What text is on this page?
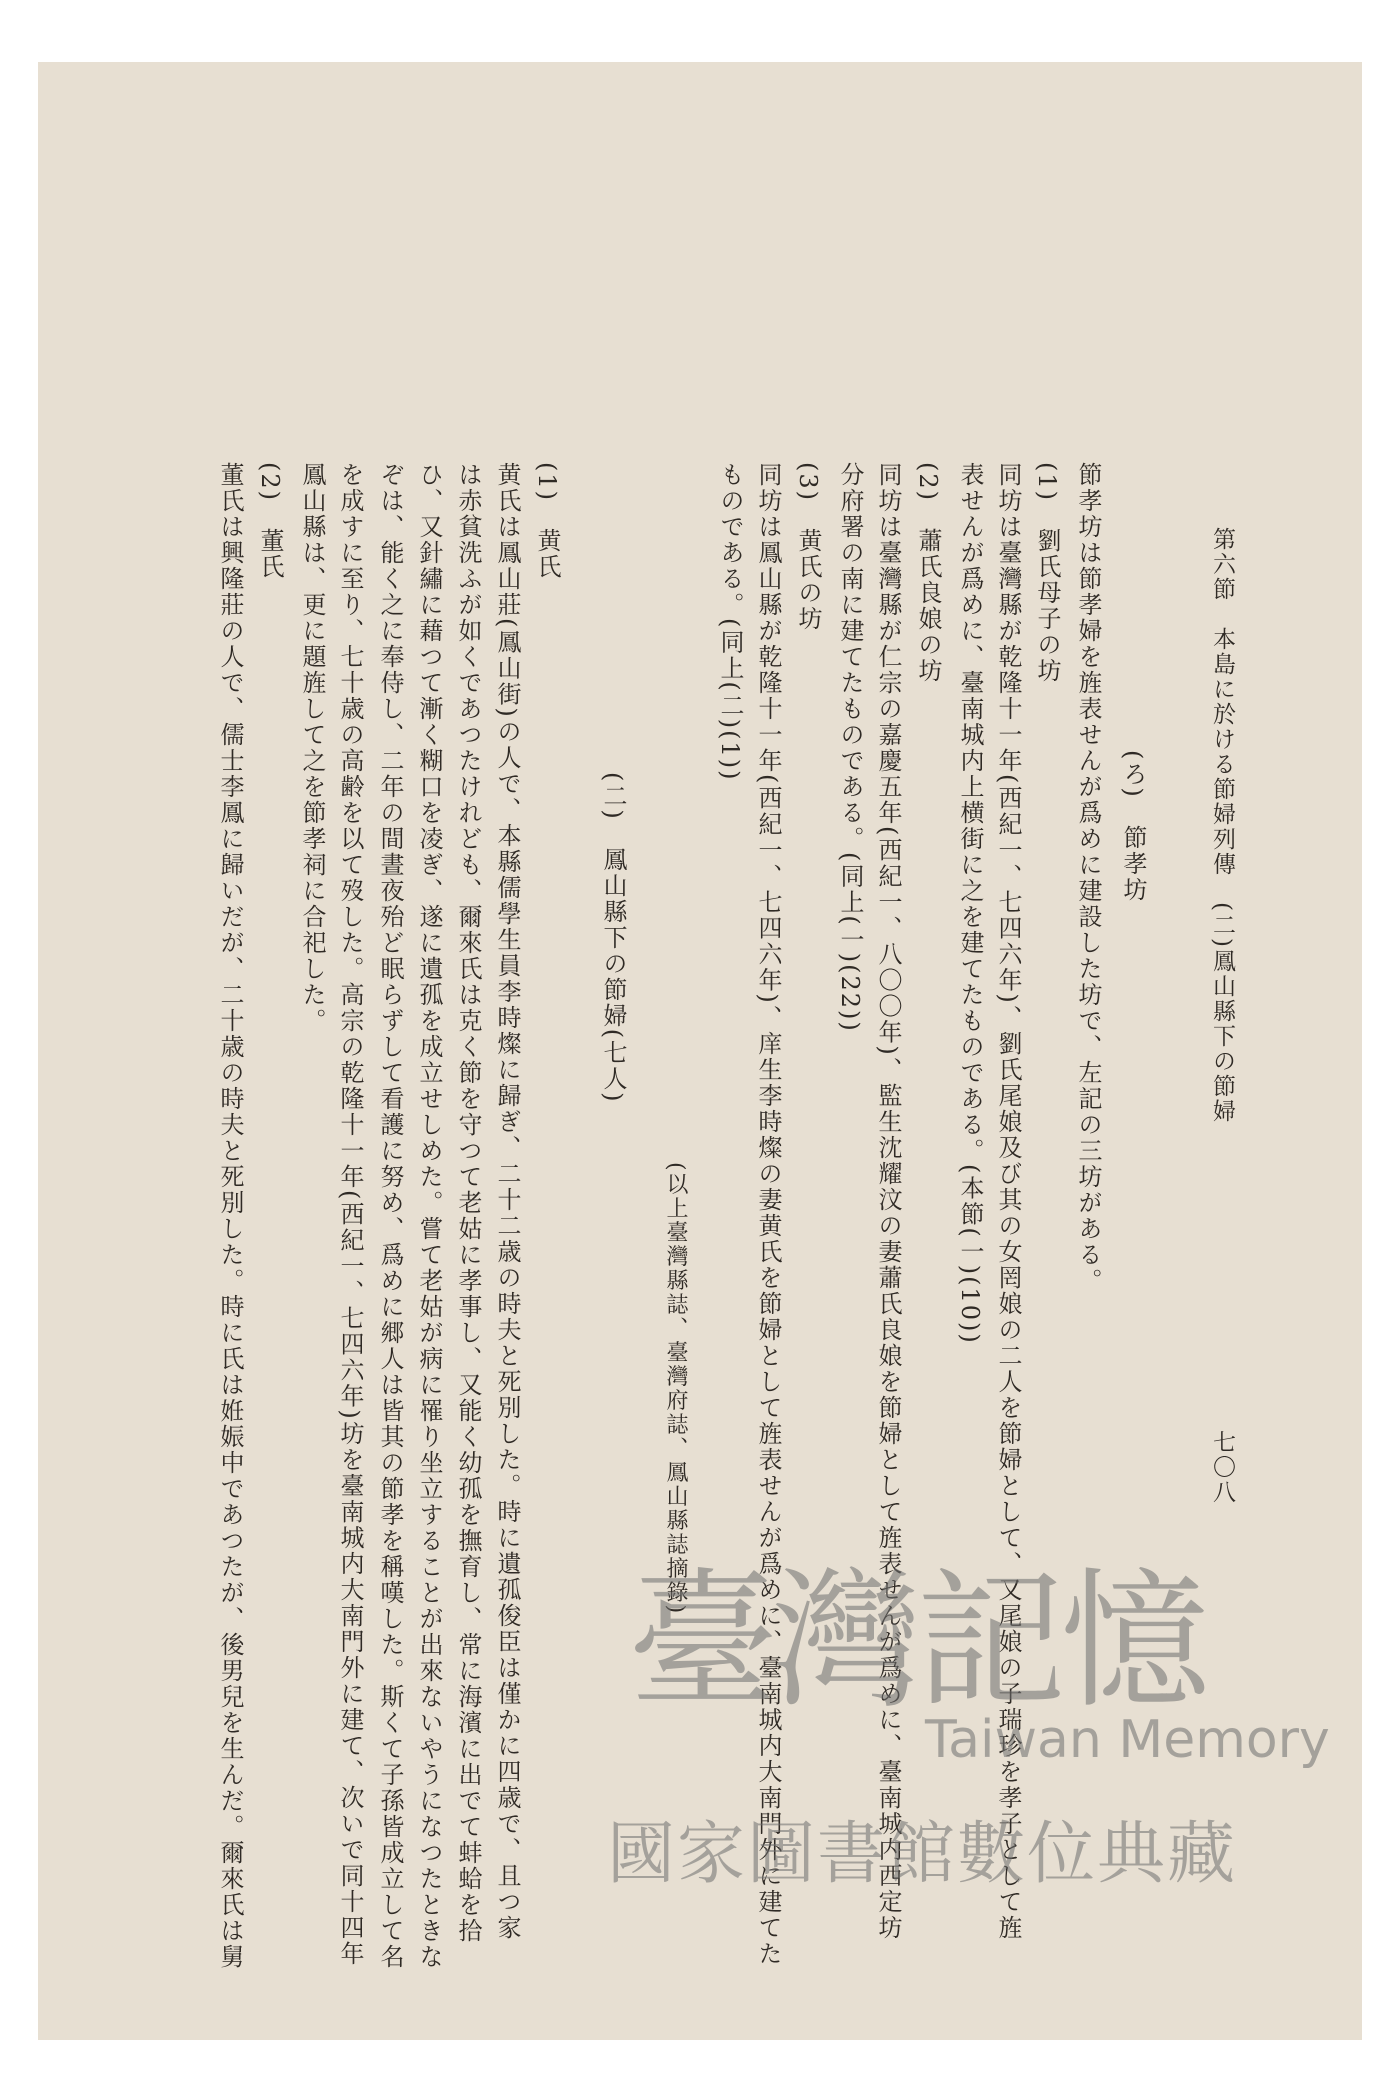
第六節　本島に於ける節婦列傳　(二)鳳山縣下の節婦
七〇八
(ろ)　節孝坊
節孝坊は節孝婦を旌表せんが爲めに建設した坊で、左記の三坊がある。
(1)　劉氏母子の坊
同坊は臺灣縣が乾隆十一年(西紀一、七四六年)、劉氏尾娘及び其の女罔娘の二人を節婦として、又尾娘の子瑞珍を孝子として旌
表せんが爲めに、臺南城内上横街に之を建てたものである。(本節(一)(10))
(2)　蕭氏良娘の坊
同坊は臺灣縣が仁宗の嘉慶五年(西紀一、八〇〇年)、監生沈耀汶の妻蕭氏良娘を節婦として旌表せんが爲めに、臺南城内西定坊
分府署の南に建てたものである。(同上(一)(22))
(3)　黄氏の坊
同坊は鳳山縣が乾隆十一年(西紀一、七四六年)、庠生李時燦の妻黄氏を節婦として旌表せんが爲めに、臺南城内大南門外に建てた
ものである。(同上(二)(1))
(以上臺灣縣誌、臺灣府誌、鳳山縣誌摘錄)
(二)　鳳山縣下の節婦(七人)
(1)　黄氏
黄氏は鳳山莊(鳳山街)の人で、本縣儒學生員李時燦に歸ぎ、二十二歳の時夫と死別した。時に遺孤俊臣は僅かに四歳で、且つ家
は赤貧洗ふが如くであつたけれども、爾來氏は克く節を守つて老姑に孝事し、又能く幼孤を撫育し、常に海濱に出でて蚌蛤を拾
ひ、又針繡に藉つて漸く糊口を凌ぎ、遂に遺孤を成立せしめた。嘗て老姑が病に罹り坐立することが出來ないやうになつたときな
ぞは、能く之に奉侍し、二年の間晝夜殆ど眠らずして看護に努め、爲めに郷人は皆其の節孝を稱嘆した。斯くて子孫皆成立して名
を成すに至り、七十歳の高齢を以て歿した。高宗の乾隆十一年(西紀一、七四六年)坊を臺南城内大南門外に建て、次いで同十四年
鳳山縣は、更に題旌して之を節孝祠に合祀した。
(2)　董氏
董氏は興隆莊の人で、儒士李鳳に歸いだが、二十歳の時夫と死別した。時に氏は姙娠中であつたが、後男兒を生んだ。爾來氏は舅	臺灣記憶
Taiwan Memory
國家圖書館數位典藏
